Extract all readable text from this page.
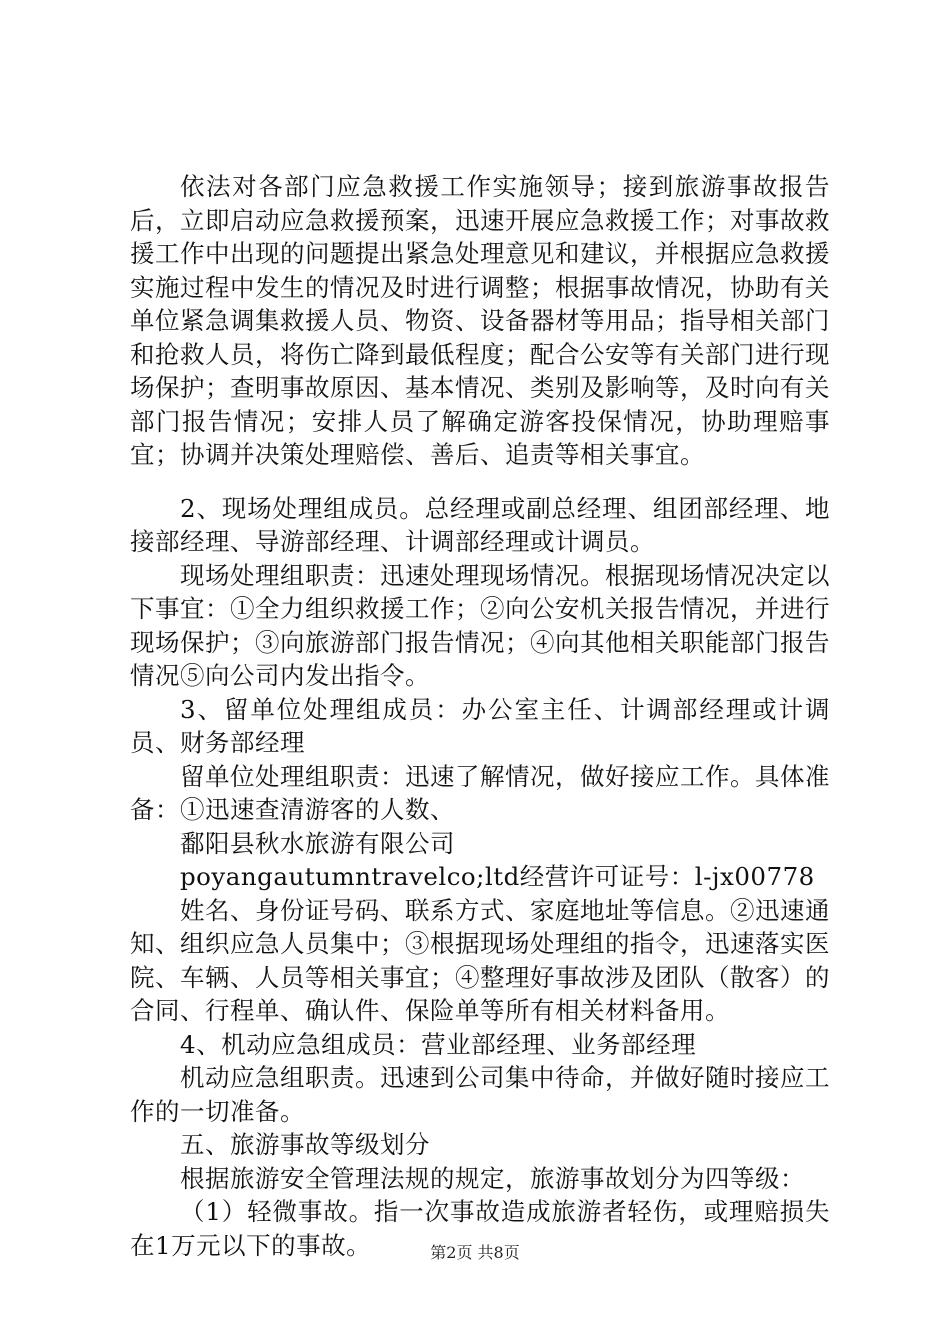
依法对各部门应急救援工作实施领导；接到旅游事故报告后，立即启动应急救援预案，迅速开展应急救援工作；对事故救援工作中出现的问题提出紧急处理意见和建议，并根据应急救援实施过程中发生的情况及时进行调整；根据事故情况，协助有关单位紧急调集救援人员、物资、设备器材等用品；指导相关部门和抢救人员，将伤亡降到最低程度；配合公安等有关部门进行现场保护；查明事故原因、基本情况、类别及影响等，及时向有关部门报告情况；安排人员了解确定游客投保情况，协助理赔事宜；协调并决策处理赔偿、善后、追责等相关事宜。

2、现场处理组成员。总经理或副总经理、组团部经理、地接部经理、导游部经理、计调部经理或计调员。

现场处理组职责：迅速处理现场情况。根据现场情况决定以下事宜：①全力组织救援工作；②向公安机关报告情况，并进行现场保护；③向旅游部门报告情况；④向其他相关职能部门报告情况⑤向公司内发出指令。

3、留单位处理组成员：办公室主任、计调部经理或计调员、财务部经理

留单位处理组职责：迅速了解情况，做好接应工作。具体准备：①迅速查清游客的人数、

鄱阳县秋水旅游有限公司

poyangautumntravelco;ltd经营许可证号：l-jx00778

姓名、身份证号码、联系方式、家庭地址等信息。②迅速通知、组织应急人员集中；③根据现场处理组的指令，迅速落实医院、车辆、人员等相关事宜；④整理好事故涉及团队（散客）的合同、行程单、确认件、保险单等所有相关材料备用。

4、机动应急组成员：营业部经理、业务部经理

机动应急组职责。迅速到公司集中待命，并做好随时接应工作的一切准备。

五、旅游事故等级划分

根据旅游安全管理法规的规定，旅游事故划分为四等级：

（1）轻微事故。指一次事故造成旅游者轻伤，或理赔损失在1万元以下的事故。	第2页 共8页
